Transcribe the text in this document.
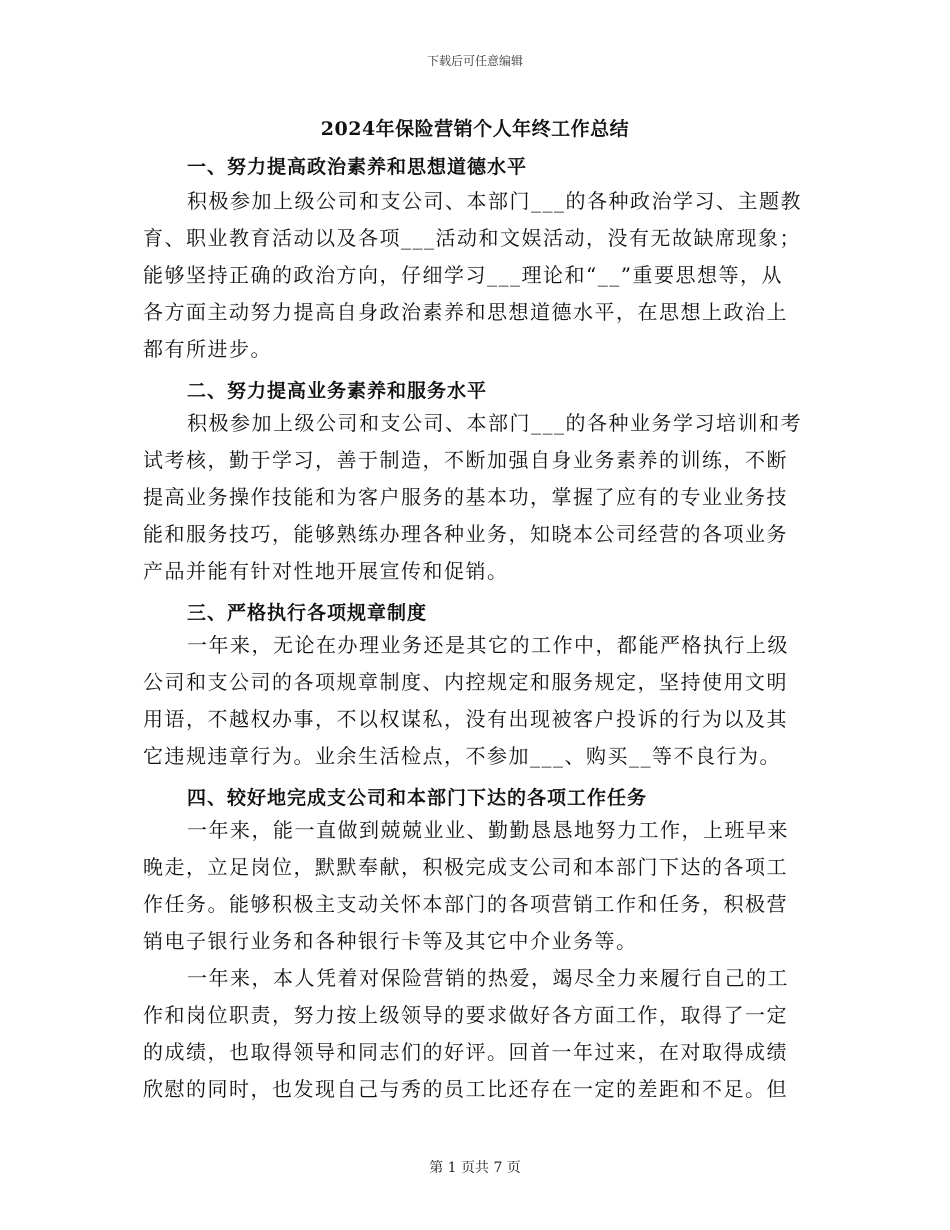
下载后可任意编辑
2024年保险营销个人年终工作总结
一、努力提高政治素养和思想道德水平
积极参加上级公司和支公司、本部门___的各种政治学习、主题教
育、职业教育活动以及各项___活动和文娱活动，没有无故缺席现象；
能够坚持正确的政治方向，仔细学习___理论和“__”重要思想等，从
各方面主动努力提高自身政治素养和思想道德水平，在思想上政治上
都有所进步。
二、努力提高业务素养和服务水平
积极参加上级公司和支公司、本部门___的各种业务学习培训和考
试考核，勤于学习，善于制造，不断加强自身业务素养的训练，不断
提高业务操作技能和为客户服务的基本功，掌握了应有的专业业务技
能和服务技巧，能够熟练办理各种业务，知晓本公司经营的各项业务
产品并能有针对性地开展宣传和促销。
三、严格执行各项规章制度
一年来，无论在办理业务还是其它的工作中，都能严格执行上级
公司和支公司的各项规章制度、内控规定和服务规定，坚持使用文明
用语，不越权办事，不以权谋私，没有出现被客户投诉的行为以及其
它违规违章行为。业余生活检点，不参加___、购买__等不良行为。
四、较好地完成支公司和本部门下达的各项工作任务
一年来，能一直做到兢兢业业、勤勤恳恳地努力工作，上班早来
晚走，立足岗位，默默奉献，积极完成支公司和本部门下达的各项工
作任务。能够积极主支动关怀本部门的各项营销工作和任务，积极营
销电子银行业务和各种银行卡等及其它中介业务等。
一年来，本人凭着对保险营销的热爱，竭尽全力来履行自己的工
作和岗位职责，努力按上级领导的要求做好各方面工作，取得了一定
的成绩，也取得领导和同志们的好评。回首一年过来，在对取得成绩
欣慰的同时，也发现自己与秀的员工比还存在一定的差距和不足。但
第 1 页共 7 页
